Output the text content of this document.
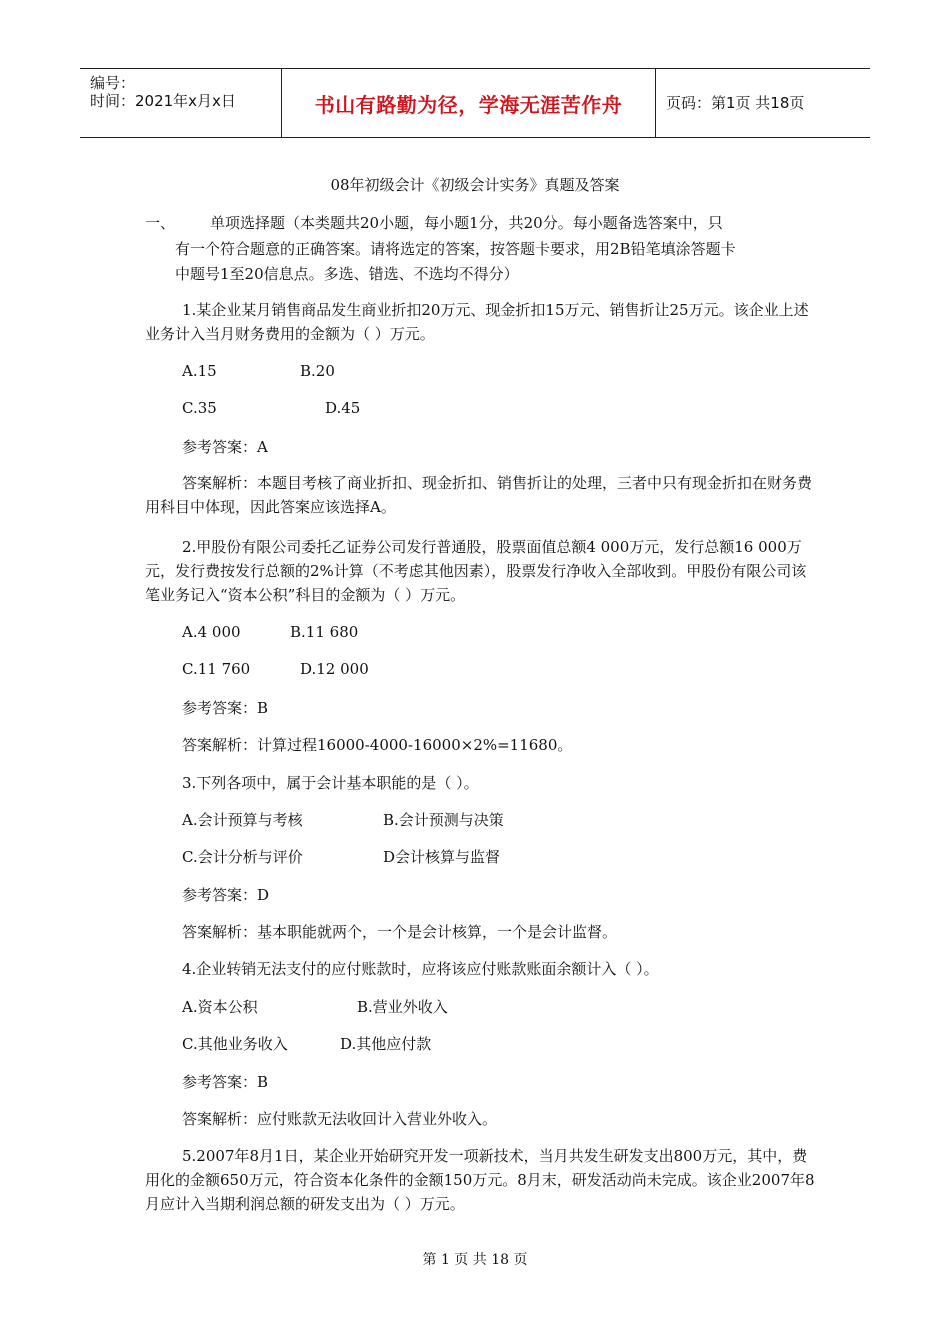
编号：
时间：2021年x月x日	书山有路勤为径，学海无涯苦作舟	页码：第1页 共18页
08年初级会计《初级会计实务》真题及答案
一、 单项选择题（本类题共20小题，每小题1分，共20分。每小题备选答案中，只
有一个符合题意的正确答案。请将选定的答案，按答题卡要求，用2B铅笔填涂答题卡
中题号1至20信息点。多选、错选、不选均不得分）

1.某企业某月销售商品发生商业折扣20万元、现金折扣15万元、销售折让25万元。该企业上述业务计入当月财务费用的金额为（ ）万元。

A.15	B.20
C.35	D.45
参考答案：A

答案解析：本题目考核了商业折扣、现金折扣、销售折让的处理，三者中只有现金折扣在财务费用科目中体现，因此答案应该选择A。

2.甲股份有限公司委托乙证券公司发行普通股，股票面值总额4 000万元，发行总额16 000万元，发行费按发行总额的2%计算（不考虑其他因素），股票发行净收入全部收到。甲股份有限公司该笔业务记入“资本公积”科目的金额为（ ）万元。

A.4 000	B.11 680
C.11 760	D.12 000
参考答案：B
答案解析：计算过程16000-4000-16000×2%=11680。
3.下列各项中，属于会计基本职能的是（ ）。
A.会计预算与考核	B.会计预测与决策
C.会计分析与评价	D会计核算与监督
参考答案：D
答案解析：基本职能就两个，一个是会计核算，一个是会计监督。
4.企业转销无法支付的应付账款时，应将该应付账款账面余额计入（ ）。
A.资本公积	B.营业外收入
C.其他业务收入	D.其他应付款
参考答案：B
答案解析：应付账款无法收回计入营业外收入。

5.2007年8月1日，某企业开始研究开发一项新技术，当月共发生研发支出800万元，其中，费用化的金额650万元，符合资本化条件的金额150万元。8月末，研发活动尚未完成。该企业2007年8月应计入当期利润总额的研发支出为（ ）万元。

第 1 页 共 18 页
